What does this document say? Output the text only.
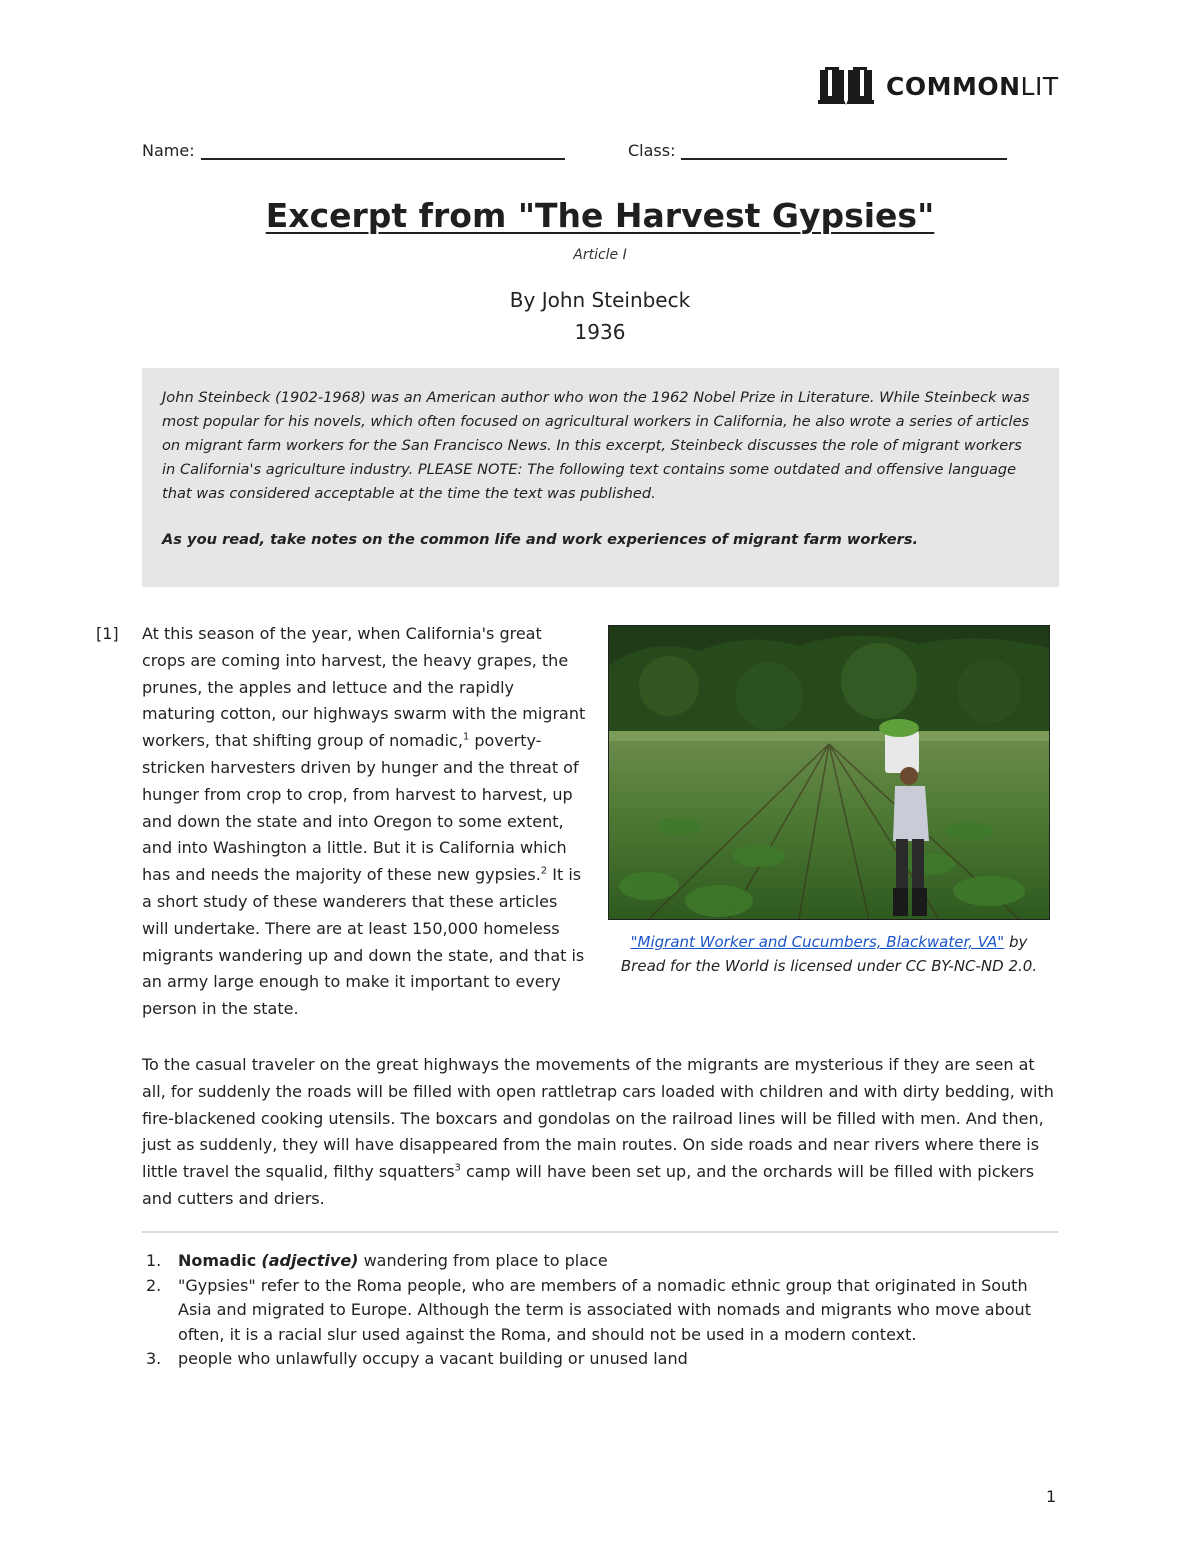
COMMONLIT
Name:	Class:
Excerpt from "The Harvest Gypsies"
Article I
By John Steinbeck
1936

John Steinbeck (1902-1968) was an American author who won the 1962 Nobel Prize in Literature. While Steinbeck was most popular for his novels, which often focused on agricultural workers in California, he also wrote a series of articles on migrant farm workers for the San Francisco News. In this excerpt, Steinbeck discusses the role of migrant workers in California's agriculture industry. PLEASE NOTE: The following text contains some outdated and offensive language that was considered acceptable at the time the text was published.

As you read, take notes on the common life and work experiences of migrant farm workers.

[1] At this season of the year, when California's great crops are coming into harvest, the heavy grapes, the prunes, the apples and lettuce and the rapidly maturing cotton, our highways swarm with the migrant workers, that shifting group of nomadic,$^1$ poverty-stricken harvesters driven by hunger and the threat of hunger from crop to crop, from harvest to harvest, up and down the state and into Oregon to some extent, and into Washington a little. But it is California which has and needs the majority of these new gypsies.$^2$ It is a short study of these wanderers that these articles will undertake. There are at least 150,000 homeless migrants wandering up and down the state, and that is an army large enough to make it important to every person in the state.

"Migrant Worker and Cucumbers, Blackwater, VA" by
Bread for the World is licensed under CC BY-NC-ND 2.0.

To the casual traveler on the great highways the movements of the migrants are mysterious if they are seen at all, for suddenly the roads will be filled with open rattletrap cars loaded with children and with dirty bedding, with fire-blackened cooking utensils. The boxcars and gondolas on the railroad lines will be filled with men. And then, just as suddenly, they will have disappeared from the main routes. On side roads and near rivers where there is little travel the squalid, filthy squatters$^3$ camp will have been set up, and the orchards will be filled with pickers and cutters and driers.

1. Nomadic (adjective) wandering from place to place
2. "Gypsies" refer to the Roma people, who are members of a nomadic ethnic group that originated in South Asia and migrated to Europe. Although the term is associated with nomads and migrants who move about often, it is a racial slur used against the Roma, and should not be used in a modern context.
3. people who unlawfully occupy a vacant building or unused land
1
